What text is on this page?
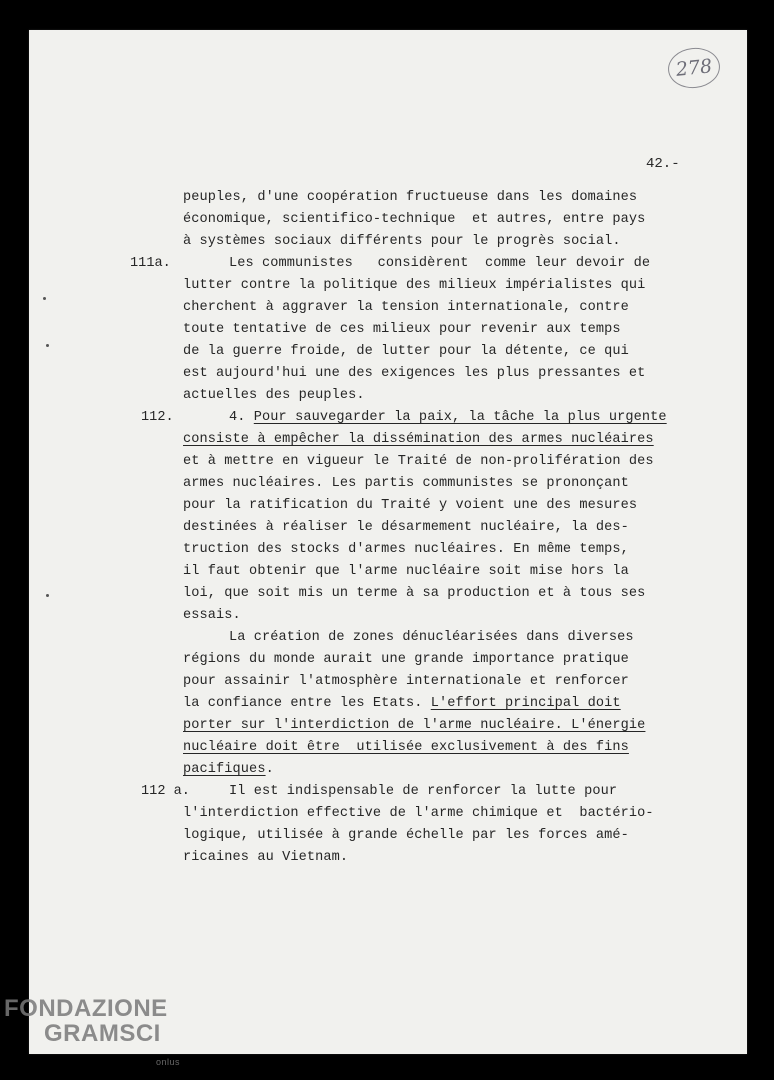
278
42.-
peuples, d'une coopération fructueuse dans les domaines
économique, scientifico-technique  et autres, entre pays
à systèmes sociaux différents pour le progrès social.
111a.	Les communistes   considèrent  comme leur devoir de
lutter contre la politique des milieux impérialistes qui
cherchent à aggraver la tension internationale, contre
toute tentative de ces milieux pour revenir aux temps
de la guerre froide, de lutter pour la détente, ce qui
est aujourd'hui une des exigences les plus pressantes et
actuelles des peuples.
112.	4. Pour sauvegarder la paix, la tâche la plus urgente
consiste à empêcher la dissémination des armes nucléaires
et à mettre en vigueur le Traité de non-prolifération des
armes nucléaires. Les partis communistes se prononçant
pour la ratification du Traité y voient une des mesures
destinées à réaliser le désarmement nucléaire, la des-
truction des stocks d'armes nucléaires. En même temps,
il faut obtenir que l'arme nucléaire soit mise hors la
loi, que soit mis un terme à sa production et à tous ses
essais.
La création de zones dénucléarisées dans diverses
régions du monde aurait une grande importance pratique
pour assainir l'atmosphère internationale et renforcer
la confiance entre les Etats. L'effort principal doit
porter sur l'interdiction de l'arme nucléaire. L'énergie
nucléaire doit être  utilisée exclusivement à des fins
pacifiques.
112 a.	Il est indispensable de renforcer la lutte pour
l'interdiction effective de l'arme chimique et  bactério-
logique, utilisée à grande échelle par les forces amé-
ricaines au Vietnam.
FONDAZIONE
GRAMSCI
onlus
